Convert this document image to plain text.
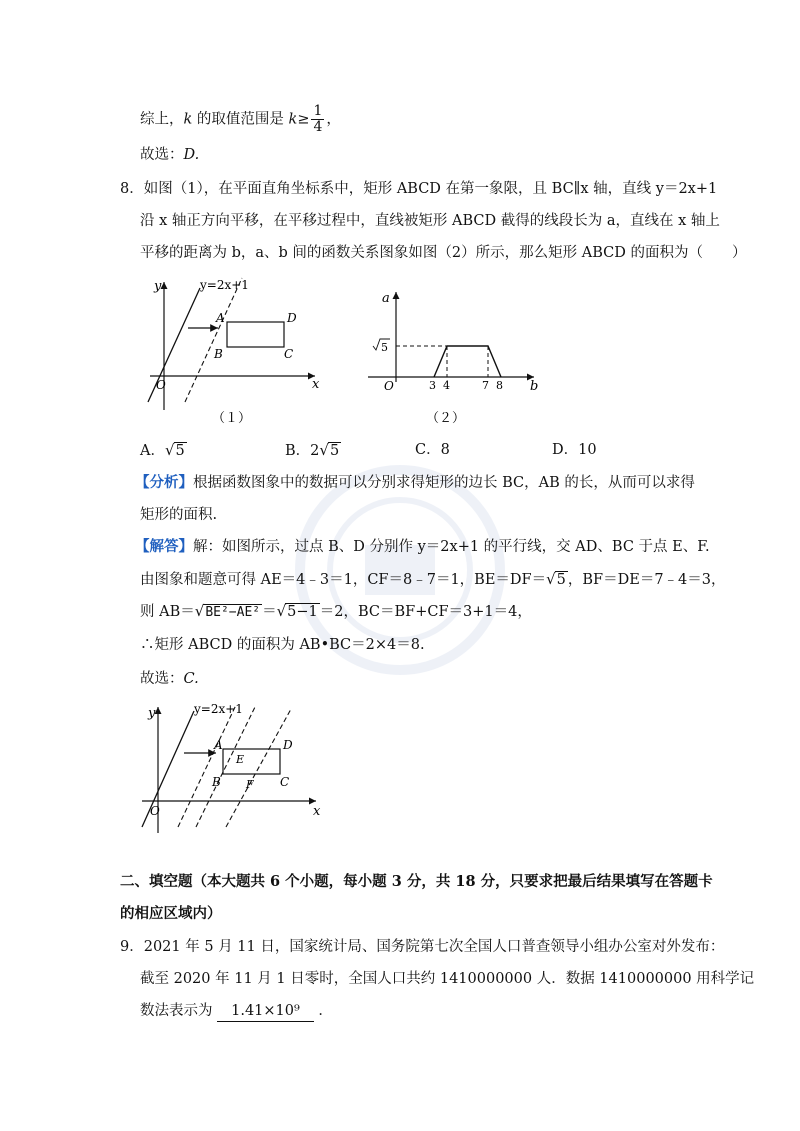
综上，k 的取值范围是 $k\ge \frac{1}{4}$ ，
故选：D.
8．如图（1），在平面直角坐标系中，矩形 ABCD 在第一象限，且 BC∥x 轴，直线 y＝2x+1
沿 x 轴正方向平移，在平移过程中，直线被矩形 ABCD 截得的线段长为 a，直线在 x 轴上
平移的距离为 b，a、b 间的函数关系图象如图（2）所示，那么矩形 ABCD 的面积为（　　）
y=2x+1
y
x
O
A
B	C
D
（１）
a
b
O
5
3 4	7 8
（２）
A．√5	B．2√5	C．8	D．10
【分析】根据函数图象中的数据可以分别求得矩形的边长 BC，AB 的长，从而可以求得
矩形的面积.
【解答】解：如图所示，过点 B、D 分别作 y＝2x+1 的平行线，交 AD、BC 于点 E、F.
由图象和题意可得 AE＝4﹣3＝1，CF＝8﹣7＝1，BE＝DF＝√5 ，BF＝DE＝7﹣4＝3，
则 AB＝√BE²−AE² ＝√5−1 ＝2，BC＝BF+CF＝3+1＝4，
∴矩形 ABCD 的面积为 AB•BC＝2×4＝8.
故选：C.
y=2x+1
y
x
O
A
B	C
D
E
F
二、填空题（本大题共 6 个小题，每小题 3 分，共 18 分，只要求把最后结果填写在答题卡
的相应区域内）
9．2021 年 5 月 11 日，国家统计局、国务院第七次全国人口普查领导小组办公室对外发布：
截至 2020 年 11 月 1 日零时，全国人口共约 1410000000 人．数据 1410000000 用科学记
数法表示为 1.41×10⁹ ．
